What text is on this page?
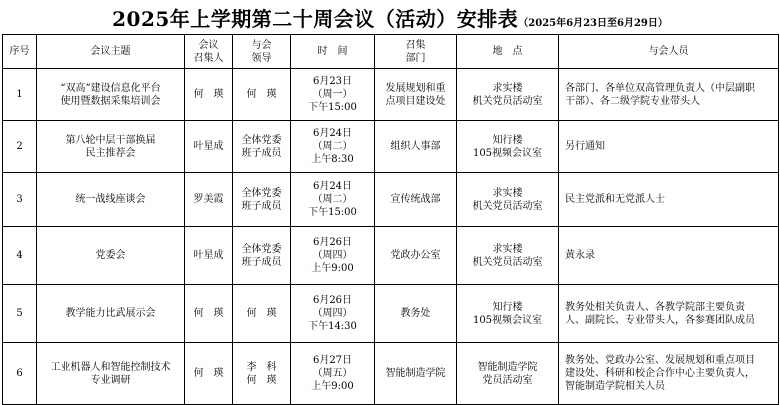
2025年上学期第二十周会议（活动）安排表（2025年6月23日至6月29日）
序号	会议主题	会议
召集人	与会
领导	时　间	召集
部门	地　点	与会人员

1	“双高”建设信息化平台
使用暨数据采集培训会	何　瑛	何　瑛	6月23日
（周一）
下午15:00	发展规划和重
点项目建设处	求实楼
机关党员活动室	各部门、各单位双高管理负责人（中层副职
干部）、各二级学院专业带头人

2	第八轮中层干部换届
民主推荐会	叶星成	全体党委
班子成员	6月24日
（周二）
上午8:30	组织人事部	知行楼
105视频会议室	另行通知

3	统一战线座谈会	罗美霞	全体党委
班子成员	6月24日
（周二）
下午15:00	宣传统战部	求实楼
机关党员活动室	民主党派和无党派人士

4	党委会	叶星成	全体党委
班子成员	6月26日
（周四）
上午9:00	党政办公室	求实楼
机关党员活动室	黄永录

5	教学能力比武展示会	何　瑛	何　瑛	6月26日
（周四）
下午14:30	教务处	知行楼
105视频会议室	教务处相关负责人、各教学院部主要负责
人、副院长、专业带头人，各参赛团队成员

6	工业机器人和智能控制技术
专业调研	何　瑛	李　科
何　瑛	6月27日
（周五）
上午9:00	智能制造学院	智能制造学院
党员活动室	教务处、党政办公室、发展规划和重点项目
建设处、科研和校企合作中心主要负责人，
智能制造学院相关人员
